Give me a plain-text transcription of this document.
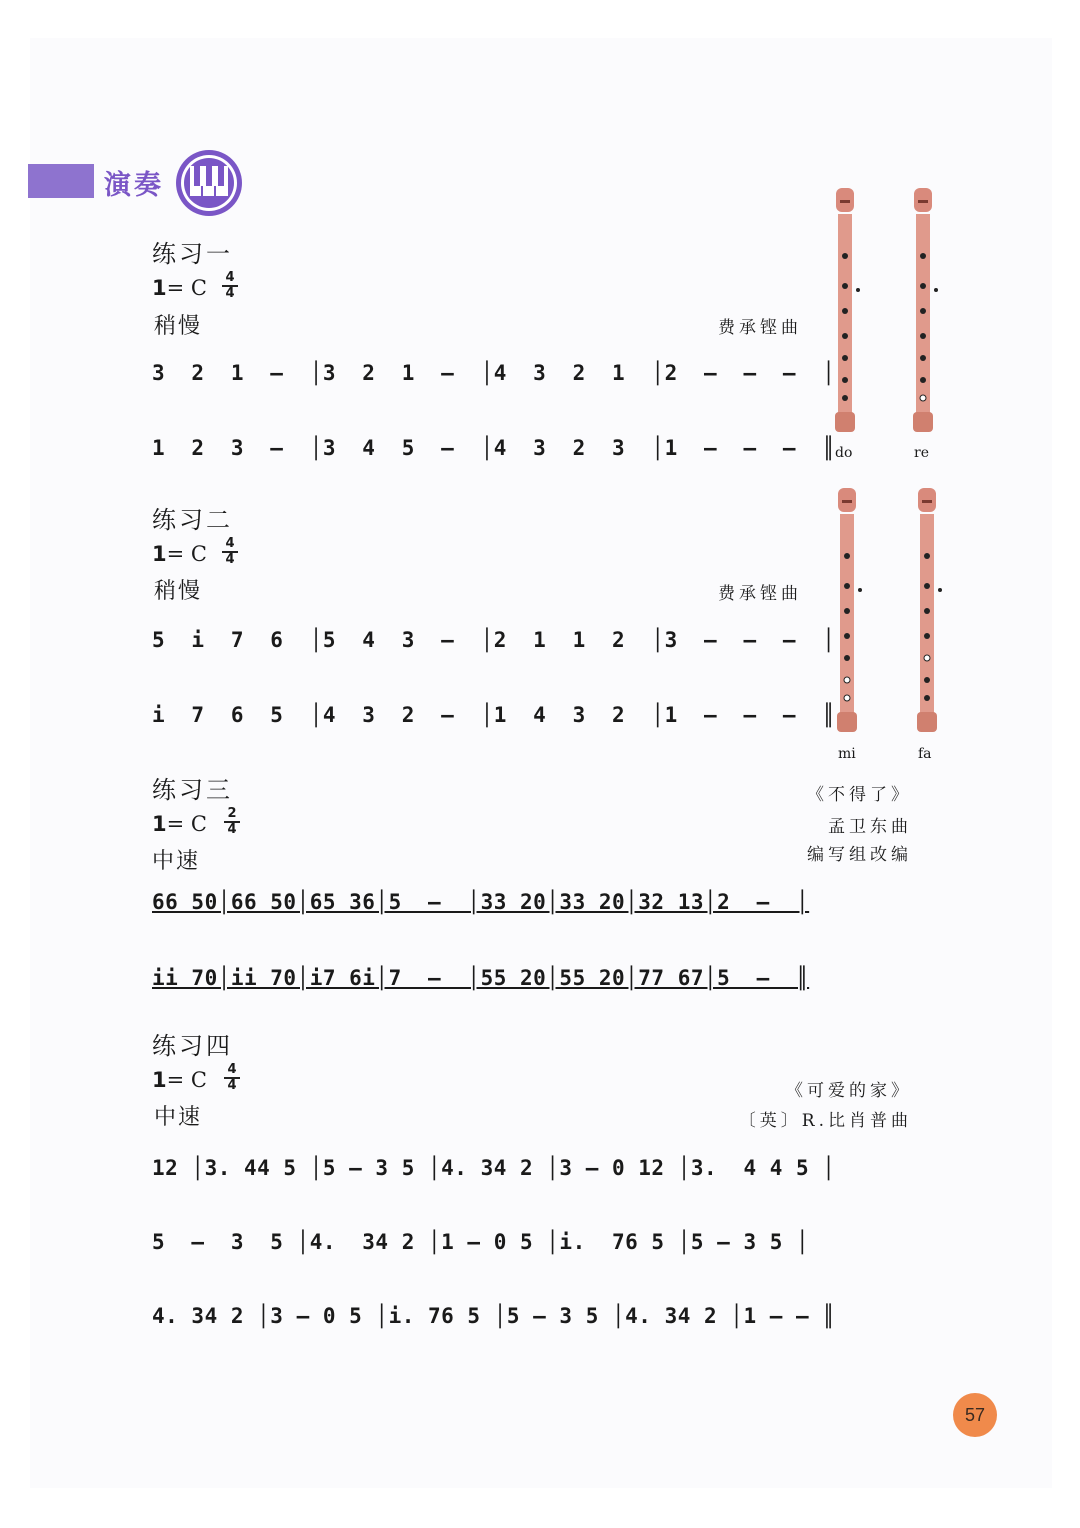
演奏
练习一
1= C 4
4
稍慢	费承铿曲
3  2  1  –  │3  2  1  –  │4  3  2  1  │2  –  –  –  │
1  2  3  –  │3  4  5  –  │4  3  2  3  │1  –  –  –  ║
练习二
1= C 4
4
稍慢	费承铿曲
5  i  7  6  │5  4  3  –  │2  1  1  2  │3  –  –  –  │
i  7  6  5  │4  3  2  –  │1  4  3  2  │1  –  –  –  ║
练习三	《不得了》
1= C 2
4	孟卫东曲
中速	编写组改编
66 50│66 50│65 36│5  –  │33 20│33 20│32 13│2  –  │
ii 70│ii 70│i7 6i│7  –  │55 20│55 20│77 67│5  –  ║
练习四
1= C 4
4	《可爱的家》
中速	〔英〕R.比肖普曲
12 │3. 44 5 │5 – 3 5 │4. 34 2 │3 – 0 12 │3.  4 4 5 │
5  –  3  5 │4.  34 2 │1 – 0 5 │i.  76 5 │5 – 3 5 │
4. 34 2 │3 – 0 5 │i. 76 5 │5 – 3 5 │4. 34 2 │1 – – ║
do	re
mi	fa
57
